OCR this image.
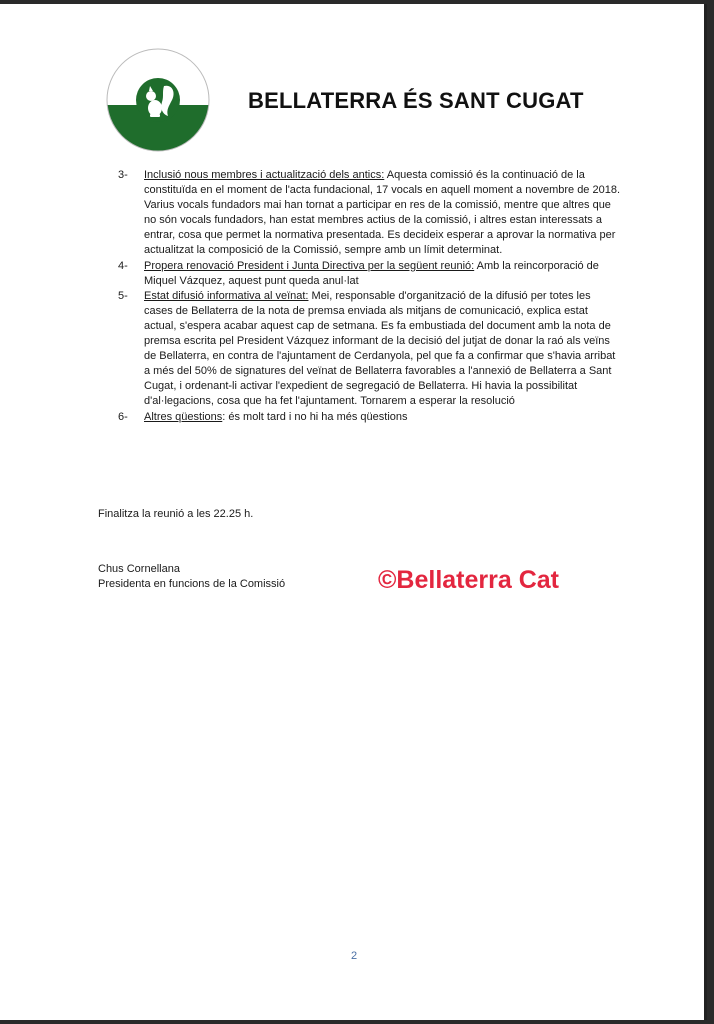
BELLATERRA ÉS SANT CUGAT
3-	Inclusió nous membres i actualització dels antics: Aquesta comissió és la continuació de la constituïda en el moment de l'acta fundacional, 17 vocals en aquell moment a novembre de 2018. Varius vocals fundadors mai han tornat a participar en res de la comissió, mentre que altres que no són vocals fundadors, han estat membres actius de la comissió, i altres estan interessats a entrar, cosa que permet la normativa presentada. Es decideix esperar a aprovar la normativa per actualitzat la composició de la Comissió, sempre amb un límit determinat.
4-	Propera renovació President i Junta Directiva per la següent reunió: Amb la reincorporació de Miquel Vázquez, aquest punt queda anul·lat
5-	Estat difusió informativa al veïnat: Mei, responsable d'organització de la difusió per totes les cases de Bellaterra de la nota de premsa enviada als mitjans de comunicació, explica estat actual, s'espera acabar aquest cap de setmana. Es fa embustiada del document amb la nota de premsa escrita pel President Vázquez informant de la decisió del jutjat de donar la raó als veïns de Bellaterra, en contra de l'ajuntament de Cerdanyola, pel que fa a confirmar que s'havia arribat a més del 50% de signatures del veïnat de Bellaterra favorables a l'annexió de Bellaterra a Sant Cugat, i ordenant-li activar l'expedient de segregació de Bellaterra. Hi havia la possibilitat d'al·legacions, cosa que ha fet l'ajuntament. Tornarem a esperar la resolució
6-	Altres qüestions: és molt tard i no hi ha més qüestions

Finalitza la reunió a les 22.25 h.

Chus Cornellana
Presidenta en funcions de la Comissió	©Bellaterra Cat
2
